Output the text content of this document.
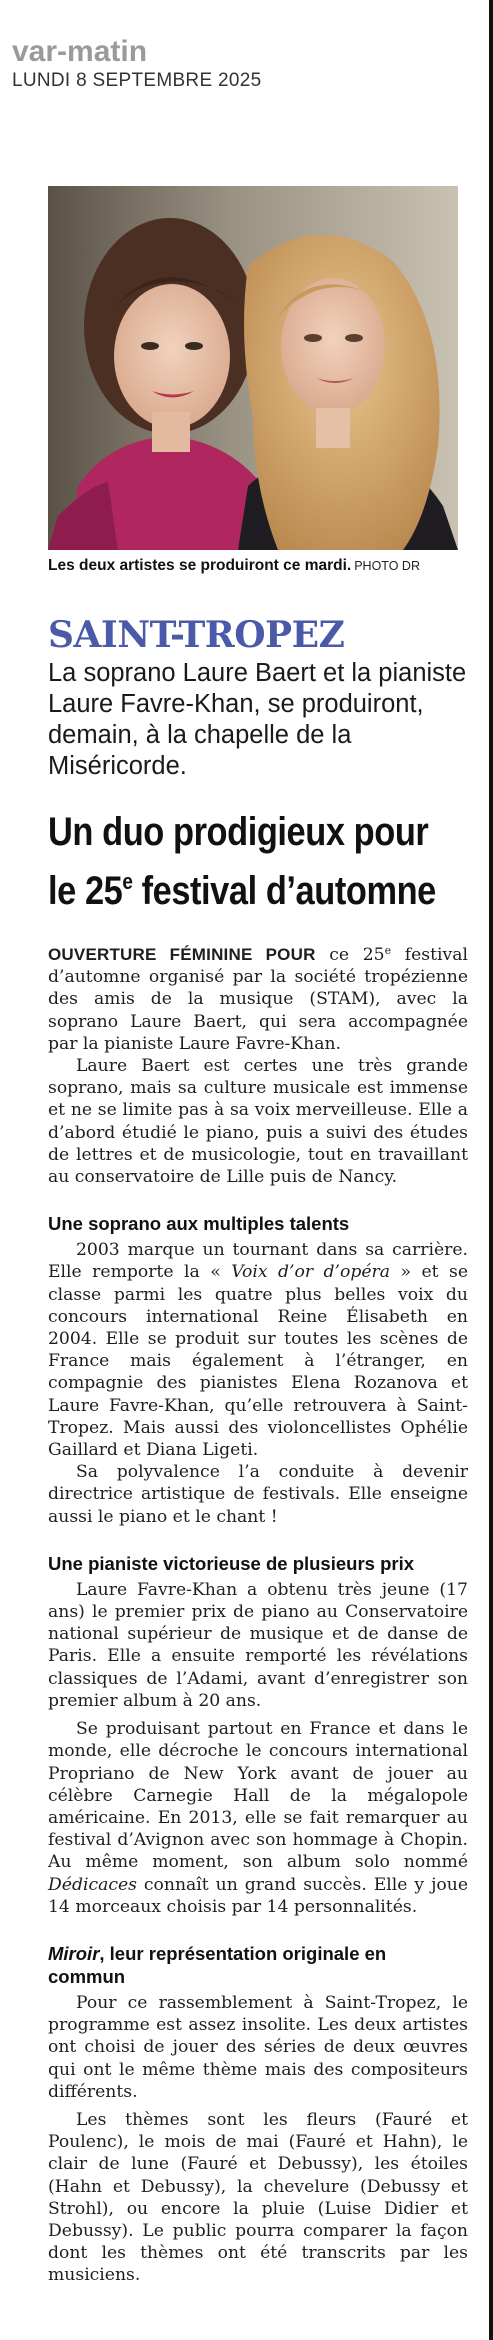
var-matin
LUNDI 8 SEPTEMBRE 2025
Les deux artistes se produiront ce mardi. PHOTO DR
SAINT-TROPEZ
La soprano Laure Baert et la pianiste Laure Favre-Khan, se produiront, demain, à la chapelle de la Miséricorde.
Un duo prodigieux pour
le 25e festival d’automne

OUVERTURE FÉMININE POUR ce 25e festival d’automne organisé par la société tropézienne des amis de la musique (STAM), avec la soprano Laure Baert, qui sera accompagnée par la pianiste Laure Favre-Khan.

Laure Baert est certes une très grande soprano, mais sa culture musicale est immense et ne se limite pas à sa voix merveilleuse. Elle a d’abord étudié le piano, puis a suivi des études de lettres et de musicologie, tout en travaillant au conservatoire de Lille puis de Nancy.

Une soprano aux multiples talents

2003 marque un tournant dans sa carrière. Elle remporte la « Voix d’or d’opéra » et se classe parmi les quatre plus belles voix du concours international Reine Élisabeth en 2004. Elle se produit sur toutes les scènes de France mais également à l’étranger, en compagnie des pianistes Elena Rozanova et Laure Favre-Khan, qu’elle retrouvera à Saint-Tropez. Mais aussi des violoncellistes Ophélie Gaillard et Diana Ligeti.

Sa polyvalence l’a conduite à devenir directrice artistique de festivals. Elle enseigne aussi le piano et le chant !

Une pianiste victorieuse de plusieurs prix

Laure Favre-Khan a obtenu très jeune (17 ans) le premier prix de piano au Conservatoire national supérieur de musique et de danse de Paris. Elle a ensuite remporté les révélations classiques de l’Adami, avant d’enregistrer son premier album à 20 ans.

Se produisant partout en France et dans le monde, elle décroche le concours international Propriano de New York avant de jouer au célèbre Carnegie Hall de la mégalopole américaine. En 2013, elle se fait remarquer au festival d’Avignon avec son hommage à Chopin. Au même moment, son album solo nommé Dédicaces connaît un grand succès. Elle y joue 14 morceaux choisis par 14 personnalités.

Miroir, leur représentation originale en commun

Pour ce rassemblement à Saint-Tropez, le programme est assez insolite. Les deux artistes ont choisi de jouer des séries de deux œuvres qui ont le même thème mais des compositeurs différents.

Les thèmes sont les fleurs (Fauré et Poulenc), le mois de mai (Fauré et Hahn), le clair de lune (Fauré et Debussy), les étoiles (Hahn et Debussy), la chevelure (Debussy et Strohl), ou encore la pluie (Luise Didier et Debussy). Le public pourra comparer la façon dont les thèmes ont été transcrits par les musiciens.
